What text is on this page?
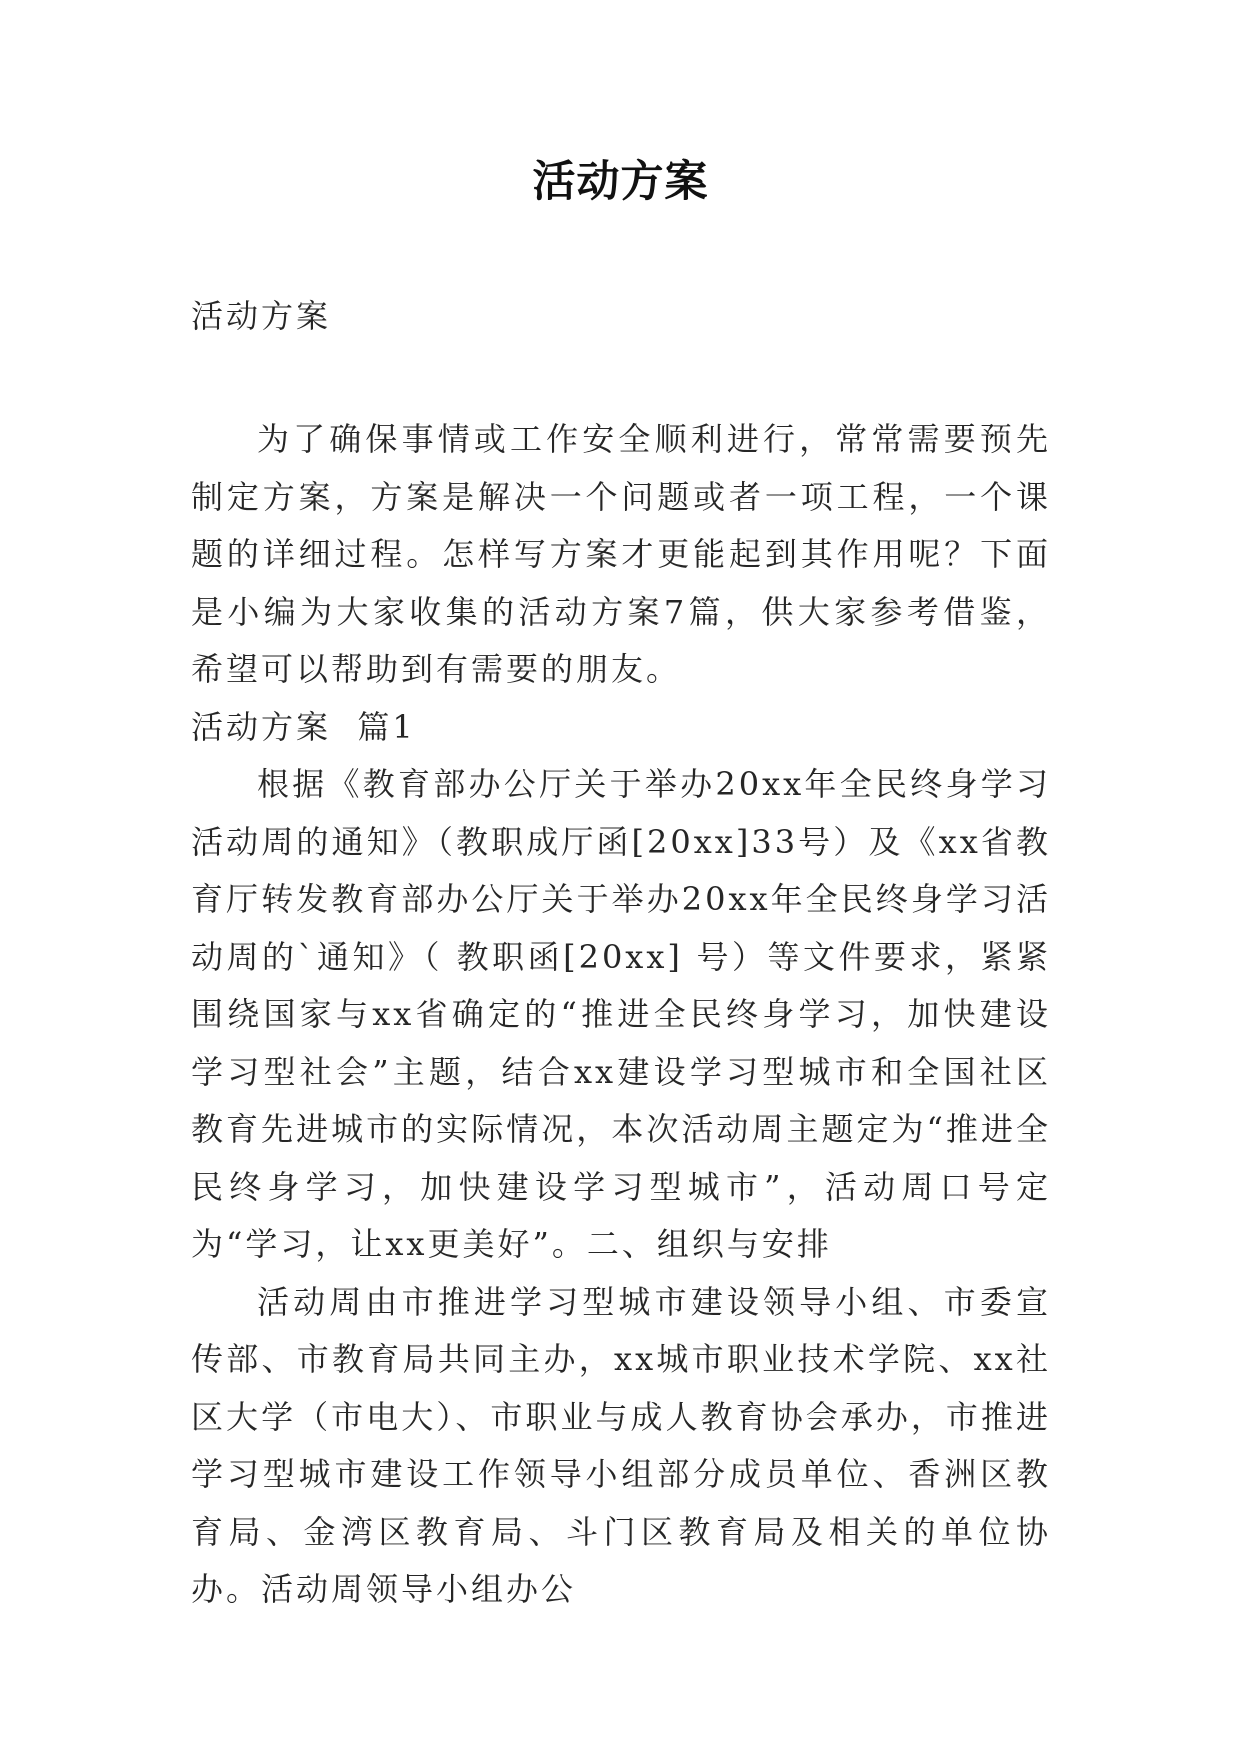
活动方案
活动方案

为了确保事情或工作安全顺利进行，常常需要预先制定方案，方案是解决一个问题或者一项工程，一个课题的详细过程。怎样写方案才更能起到其作用呢？下面是小编为大家收集的活动方案7篇，供大家参考借鉴，希望可以帮助到有需要的朋友。

活动方案  篇1

根据《教育部办公厅关于举办20xx年全民终身学习活动周的通知》（教职成厅函[20xx]33号）及《xx省教育厅转发教育部办公厅关于举办20xx年全民终身学习活动周的`通知》（ 教职函[20xx] 号）等文件要求，紧紧围绕国家与xx省确定的“推进全民终身学习，加快建设学习型社会”主题，结合xx建设学习型城市和全国社区教育先进城市的实际情况，本次活动周主题定为“推进全民终身学习，加快建设学习型城市”，活动周口号定为“学习，让xx更美好”。二、组织与安排

活动周由市推进学习型城市建设领导小组、市委宣传部、市教育局共同主办，xx城市职业技术学院、xx社区大学（市电大）、市职业与成人教育协会承办，市推进学习型城市建设工作领导小组部分成员单位、香洲区教育局、金湾区教育局、斗门区教育局及相关的单位协办。活动周领导小组办公
